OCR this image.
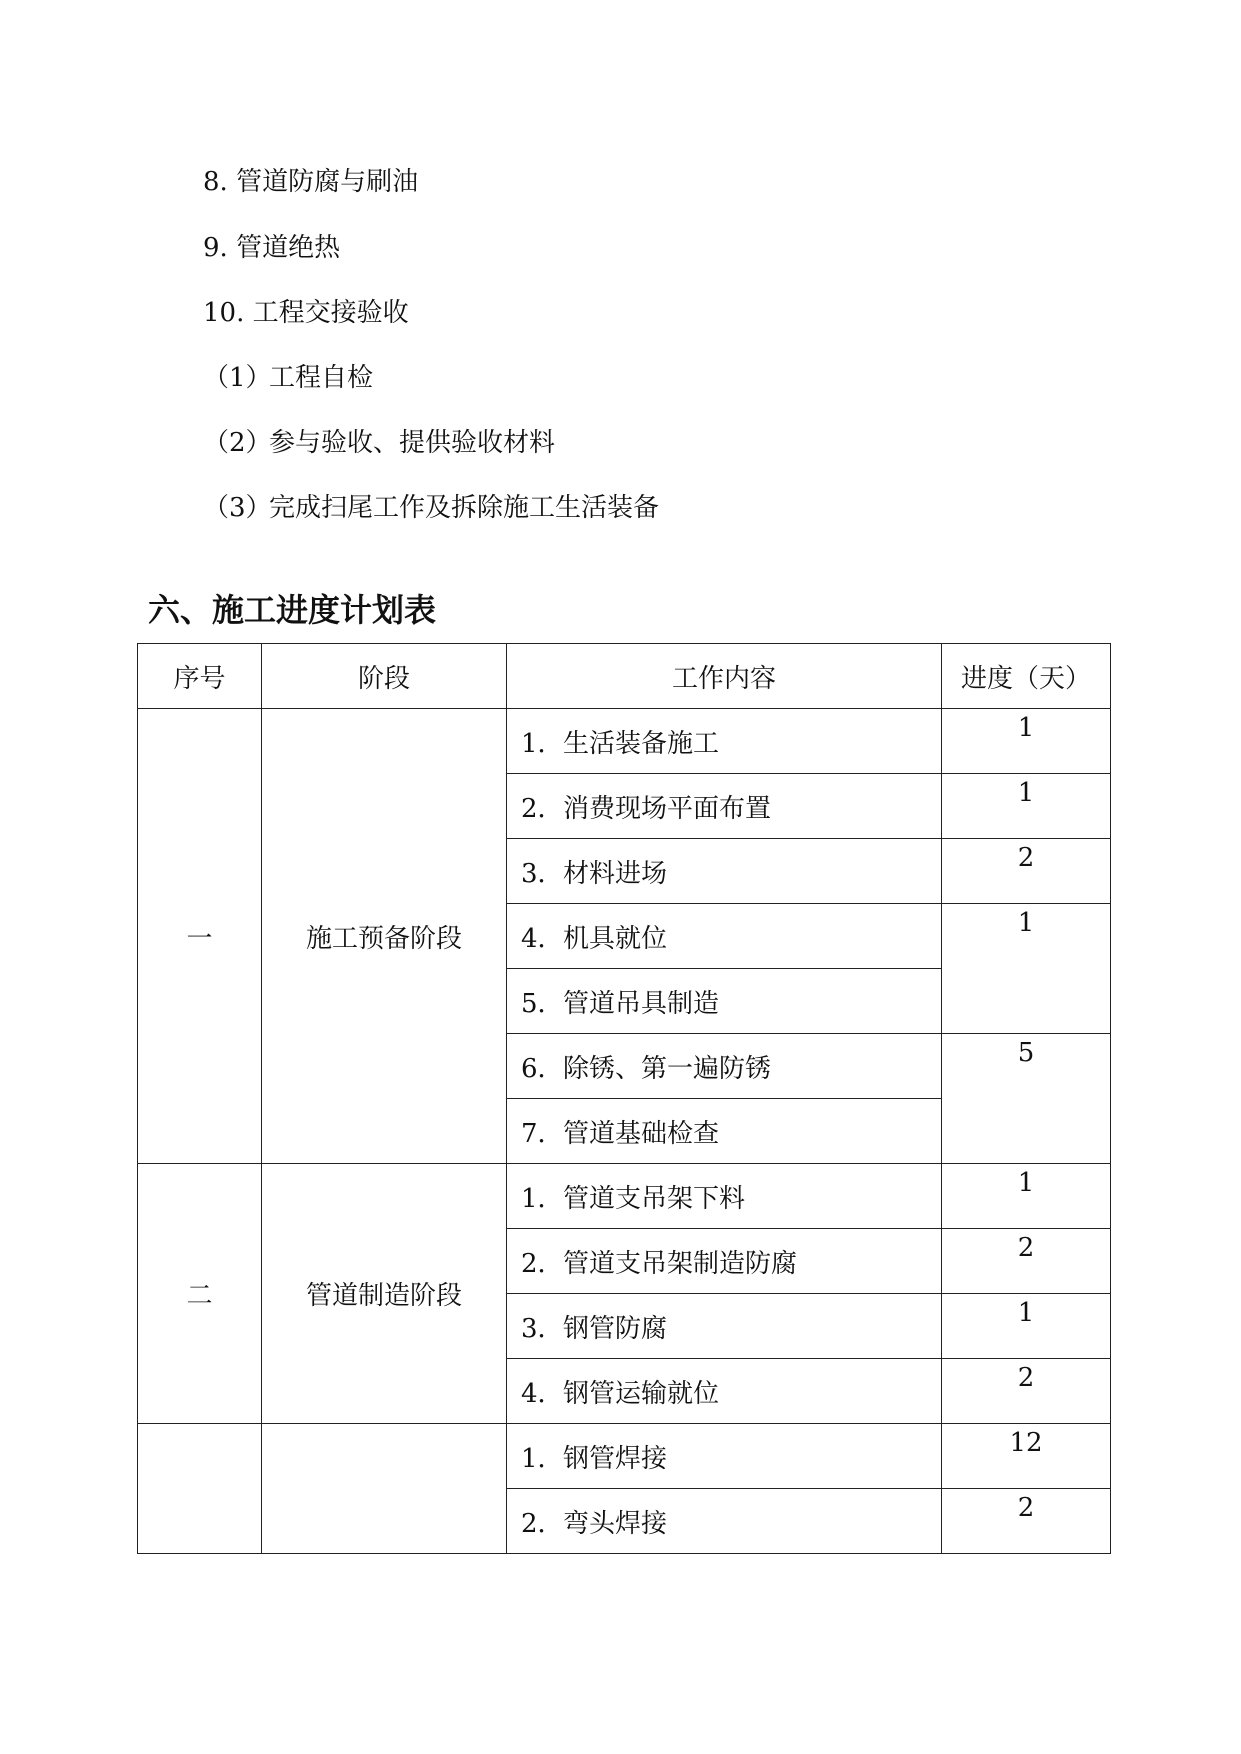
8. 管道防腐与刷油
9. 管道绝热
10. 工程交接验收
（1）工程自检
（2）参与验收、提供验收材料
（3）完成扫尾工作及拆除施工生活装备
六、施工进度计划表
序号	阶段	工作内容	进度（天）
一	施工预备阶段	1．生活装备施工	1
		2．消费现场平面布置	1
		3．材料进场	2
		4．机具就位	1
		5．管道吊具制造	
		6．除锈、第一遍防锈	5
		7．管道基础检查	
二	管道制造阶段	1．管道支吊架下料	1
		2．管道支吊架制造防腐	2
		3．钢管防腐	1
		4．钢管运输就位	2
		1．钢管焊接	12
		2．弯头焊接	2
